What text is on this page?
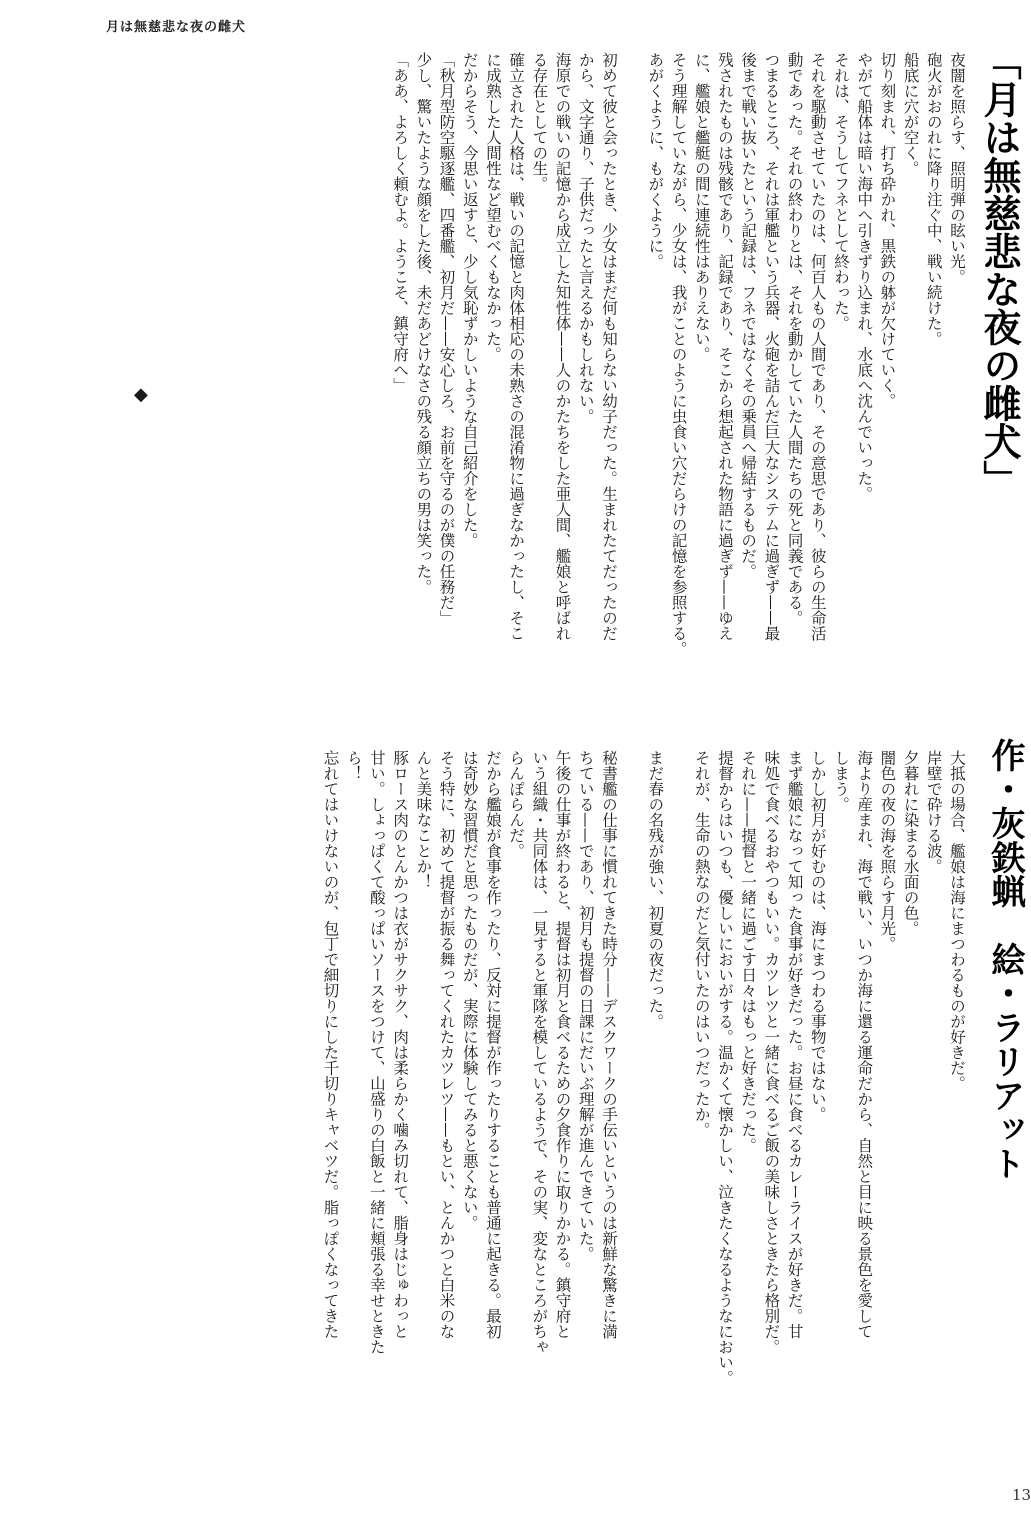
月は無慈悲な夜の雌犬
「月は無慈悲な夜の雌犬」
作・灰鉄蝋　絵・ラリアット
夜闇を照らす、照明弾の眩い光。
砲火がおのれに降り注ぐ中、戦い続けた。
船底に穴が空く。
切り刻まれ、打ち砕かれ、黒鉄の躰が欠けていく。
やがて船体は暗い海中へ引きずり込まれ、水底へ沈んでいった。
それは、そうしてフネとして終わった。
それを駆動させていたのは、何百人もの人間であり、その意思であり、彼らの生命活
動であった。それの終わりとは、それを動かしていた人間たちの死と同義である。
つまるところ、それは軍艦という兵器、火砲を詰んだ巨大なシステムに過ぎず——最
後まで戦い抜いたという記録は、フネではなくその乗員へ帰結するものだ。
残されたものは残骸であり、記録であり、そこから想起された物語に過ぎず——ゆえ
に、艦娘と艦艇の間に連続性はありえない。
そう理解していながら、少女は、我がことのように虫食い穴だらけの記憶を参照する。
あがくように、もがくように。

初めて彼と会ったとき、少女はまだ何も知らない幼子だった。生まれたてだったのだ
から、文字通り、子供だったと言えるかもしれない。
海原での戦いの記憶から成立した知性体——人のかたちをした亜人間、艦娘と呼ばれ
る存在としての生。
確立された人格は、戦いの記憶と肉体相応の未熟さの混淆物に過ぎなかったし、そこ
に成熟した人間性など望むべくもなかった。
だからそう、今思い返すと、少し気恥ずかしいような自己紹介をした。
「秋月型防空駆逐艦、四番艦、初月だ——安心しろ、お前を守るのが僕の任務だ」
少し、驚いたような顔をした後、未だあどけなさの残る顔立ちの男は笑った。
「ああ、よろしく頼むよ。ようこそ、鎮守府へ」
◆
大抵の場合、艦娘は海にまつわるものが好きだ。
岸壁で砕ける波。
夕暮れに染まる水面の色。
闇色の夜の海を照らす月光。
海より産まれ、海で戦い、いつか海に還る運命だから、自然と目に映る景色を愛して
しまう。
しかし初月が好むのは、海にまつわる事物ではない。
まず艦娘になって知った食事が好きだった。お昼に食べるカレーライスが好きだ。甘
味処で食べるおやつもいい。カツレツと一緒に食べるご飯の美味しさときたら格別だ。
それに——提督と一緒に過ごす日々はもっと好きだった。
提督からはいつも、優しいにおいがする。温かくて懐かしい、泣きたくなるようなにおい。
それが、生命の熱なのだと気付いたのはいつだったか。

まだ春の名残が強い、初夏の夜だった。

秘書艦の仕事に慣れてきた時分——デスクワークの手伝いというのは新鮮な驚きに満
ちている——であり、初月も提督の日課にだいぶ理解が進んできていた。
午後の仕事が終わると、提督は初月と食べるための夕食作りに取りかかる。鎮守府と
いう組織・共同体は、一見すると軍隊を模しているようで、その実、変なところがちゃ
らんぽらんだ。
だから艦娘が食事を作ったり、反対に提督が作ったりすることも普通に起きる。最初
は奇妙な習慣だと思ったものだが、実際に体験してみると悪くない。
そう特に、初めて提督が振る舞ってくれたカツレツ——もとい、とんかつと白米のな
んと美味なことか！
豚ロース肉のとんかつは衣がサクサク、肉は柔らかく噛み切れて、脂身はじゅわっと
甘い。しょっぱくて酸っぱいソースをつけて、山盛りの白飯と一緒に頬張る幸せときた
ら！
忘れてはいけないのが、包丁で細切りにした千切りキャベツだ。脂っぽくなってきた
13
